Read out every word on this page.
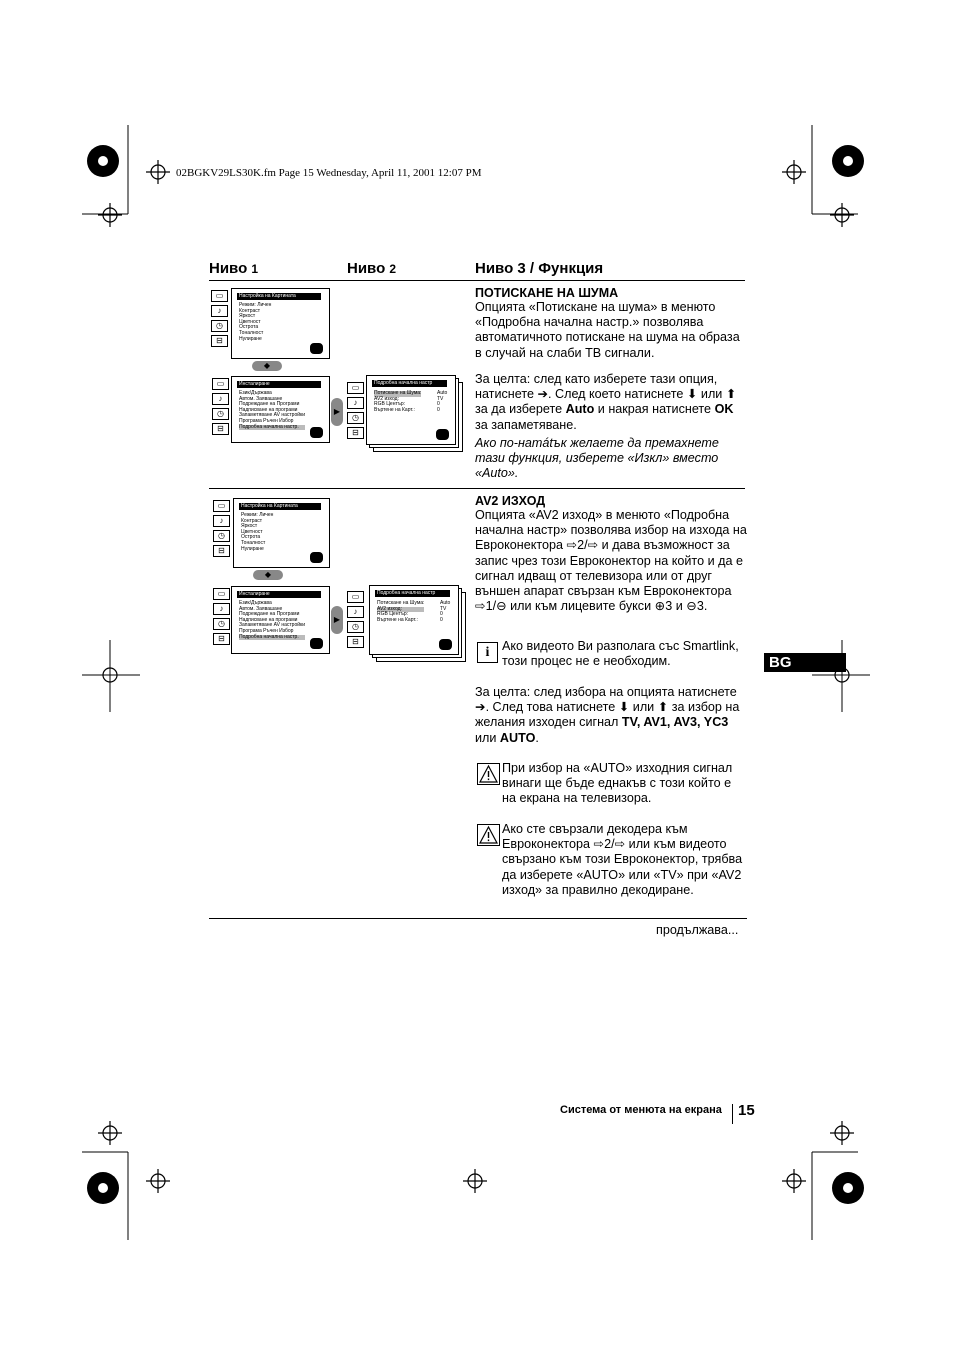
02BGKV29LS30K.fm Page 15 Wednesday, April 11, 2001 12:07 PM
Ниво 1	Ниво 2	Ниво 3 / Функция
▭
♪
◷
⊟
Настройка на Картината
Режим: Личен
Контраст
Яркост
Цветност
Острота
Тоналност
Нулиране
◆
▭
♪
◷
⊟
Инсталиране
Език/Държава
Автом. Заявашане
Подреждане на Програми
Надписване на програми
Запаметяване AV настройки
Програма Ръчен Избор
Подробна начална настр.
▶
▭
♪
◷
⊟
Подробна начална настр
Потискане на Шума:
AV2 изход:
RGB Център:
Въртене на Карт.:
Auto
TV
0
0
ПОТИСКАНЕ НА ШУМА
Опцията «Потискане на шума» в менюто «Подробна начална настр.» позволява автоматичното потискане на шума на образа в случай на слаби ТВ сигнали.
За целта: след като изберете тази опция, натиснете ➔. След което натиснете ⬇ или ⬆ за да изберете Auto и накрая натиснете OK за запаметяване.
Ако по-натátък желаете да премахнете тази функция, изберете «Изкл» вместо «Auto».
▭
♪
◷
⊟
Настройка на Картината
Режим: Личен
Контраст
Яркост
Цветност
Острота
Тоналност
Нулиране
◆
▭
♪
◷
⊟
Инсталиране
Език/Държава
Автом. Заявашане
Подреждане на Програми
Надписване на програми
Запаметяване AV настройки
Програма Ръчен Избор
Подробна начална настр.
▶
▭
♪
◷
⊟
Подробна начална настр
Потискане на Шума:
AV2 изход:
RGB Център:
Въртене на Карт.:
Auto
TV
0
0
AV2 ИЗХОД
Опцията «AV2 изход» в менюто «Подробна начална настр» позволява избор на изхода на Евроконектора ⇨2/⇨ и дава възможност за запис чрез този Евроконектор на който и да е сигнал идващ от телевизора или от друг външен апарат свързан към Евроконектора ⇨1/⊖ или към лицевите букси ⊕3 и ⊖3.
i Ако видеото Ви разполага със Smartlink, този процес не е необходим.
За целта: след избора на опцията натиснете ➔. След това натиснете ⬇ или ⬆ за избор на желания изходен сигнал TV, AV1, AV3, YC3 или AUTO.
При избор на «AUTO» изходния сигнал винаги ще бъде еднакъв с този който е на екрана на телевизора.
Ако сте свързали декодера към Евроконектора ⇨2/⇨ или към видеото свързано към този Евроконектор, трябва да изберете «AUTO» или «TV» при «AV2 изход» за правилно декодиране.
BG
продължава...
Система от менюта на екрана 15
